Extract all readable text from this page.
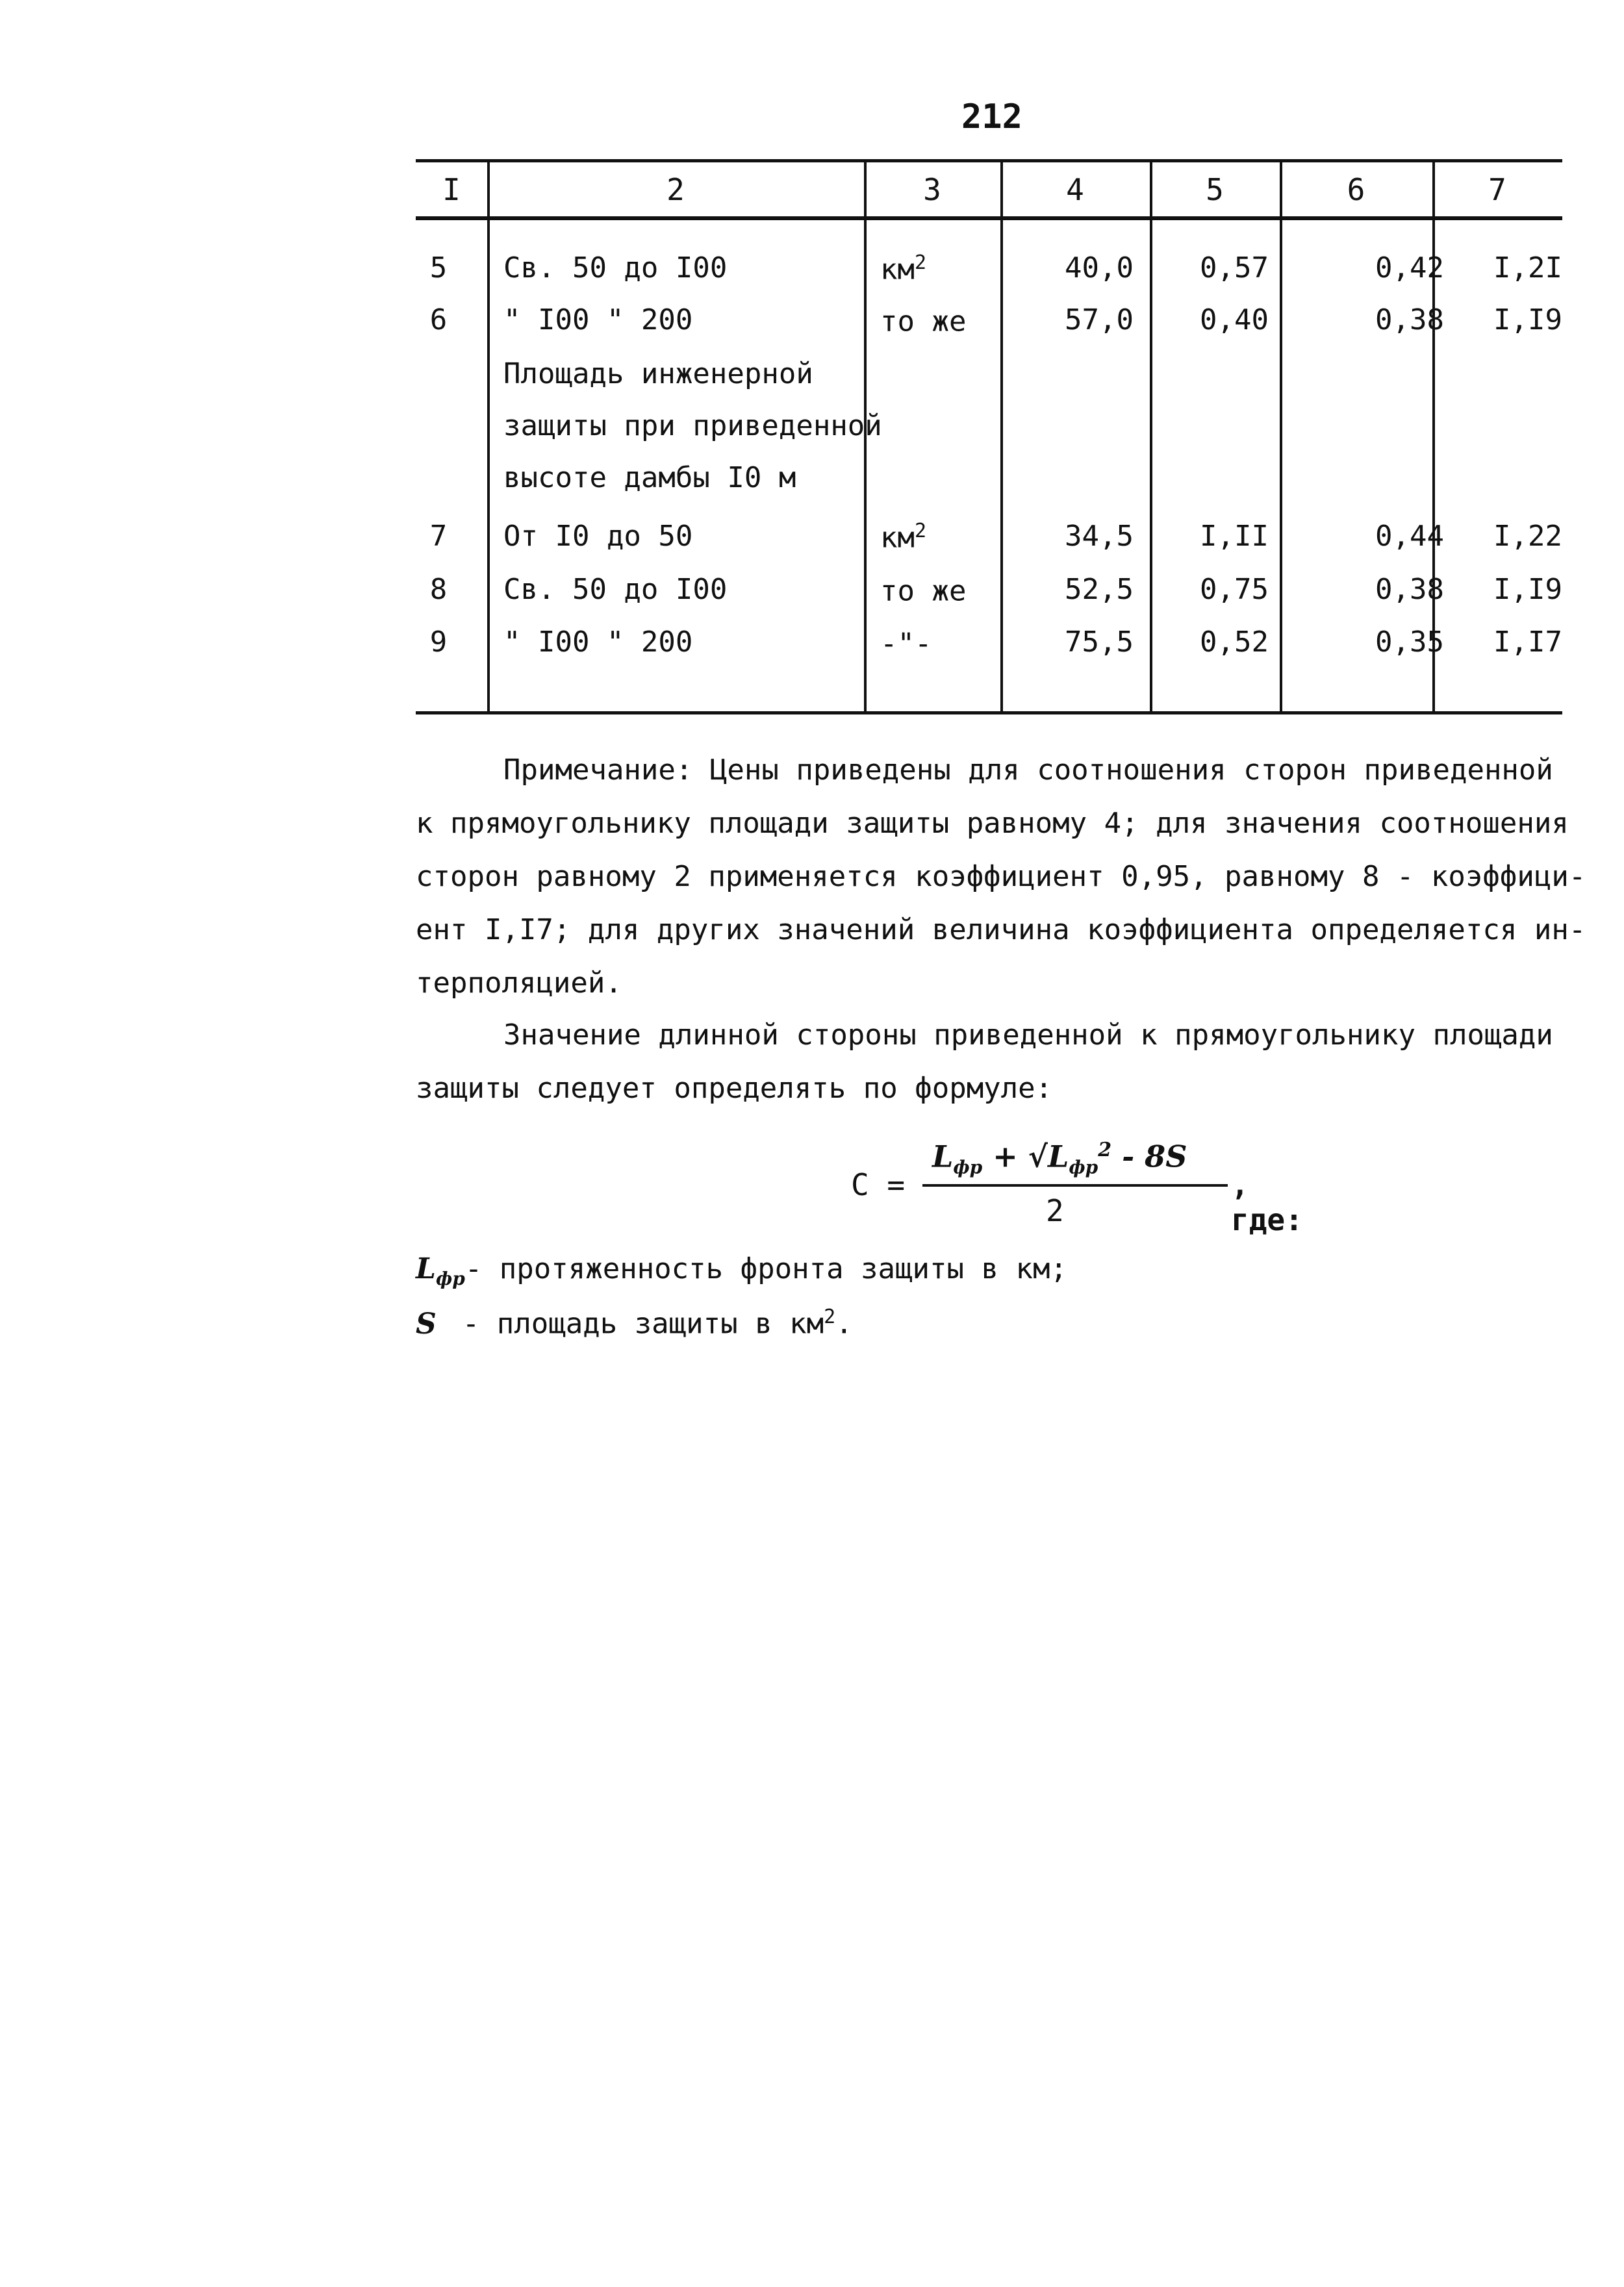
212
I	2	3	4	5	6	7
5	Св. 50 до I00	$км^2$	40,0	0,57	0,42	I,2I
6	" I00 " 200	то же	57,0	0,40	0,38	I,I9
Площадь инженерной
защиты при приведенной
высоте дамбы I0 м
7	От I0 до 50	$км^2$	34,5	I,II	0,44	I,22
8	Св. 50 до I00	то же	52,5	0,75	0,38	I,I9
9	" I00 " 200	-"-	75,5	0,52	0,35	I,I7
Примечание: Цены приведены для соотношения сторон приведенной
к прямоугольнику площади защиты равному 4; для значения соотношения
сторон равному 2 применяется коэффициент 0,95, равному 8 - коэффици-
ент I,I7; для других значений величина коэффициента определяется ин-
терполяцией.
Значение длинной стороны приведенной к прямоугольнику площади
защиты следует определять по формуле:
С =
$L_{фр} + √L_{фр}^2 - 8S$
2
, где:
$L_{фр}-$ протяженность фронта защиты в км;
S - площадь защиты в $км^2$.
